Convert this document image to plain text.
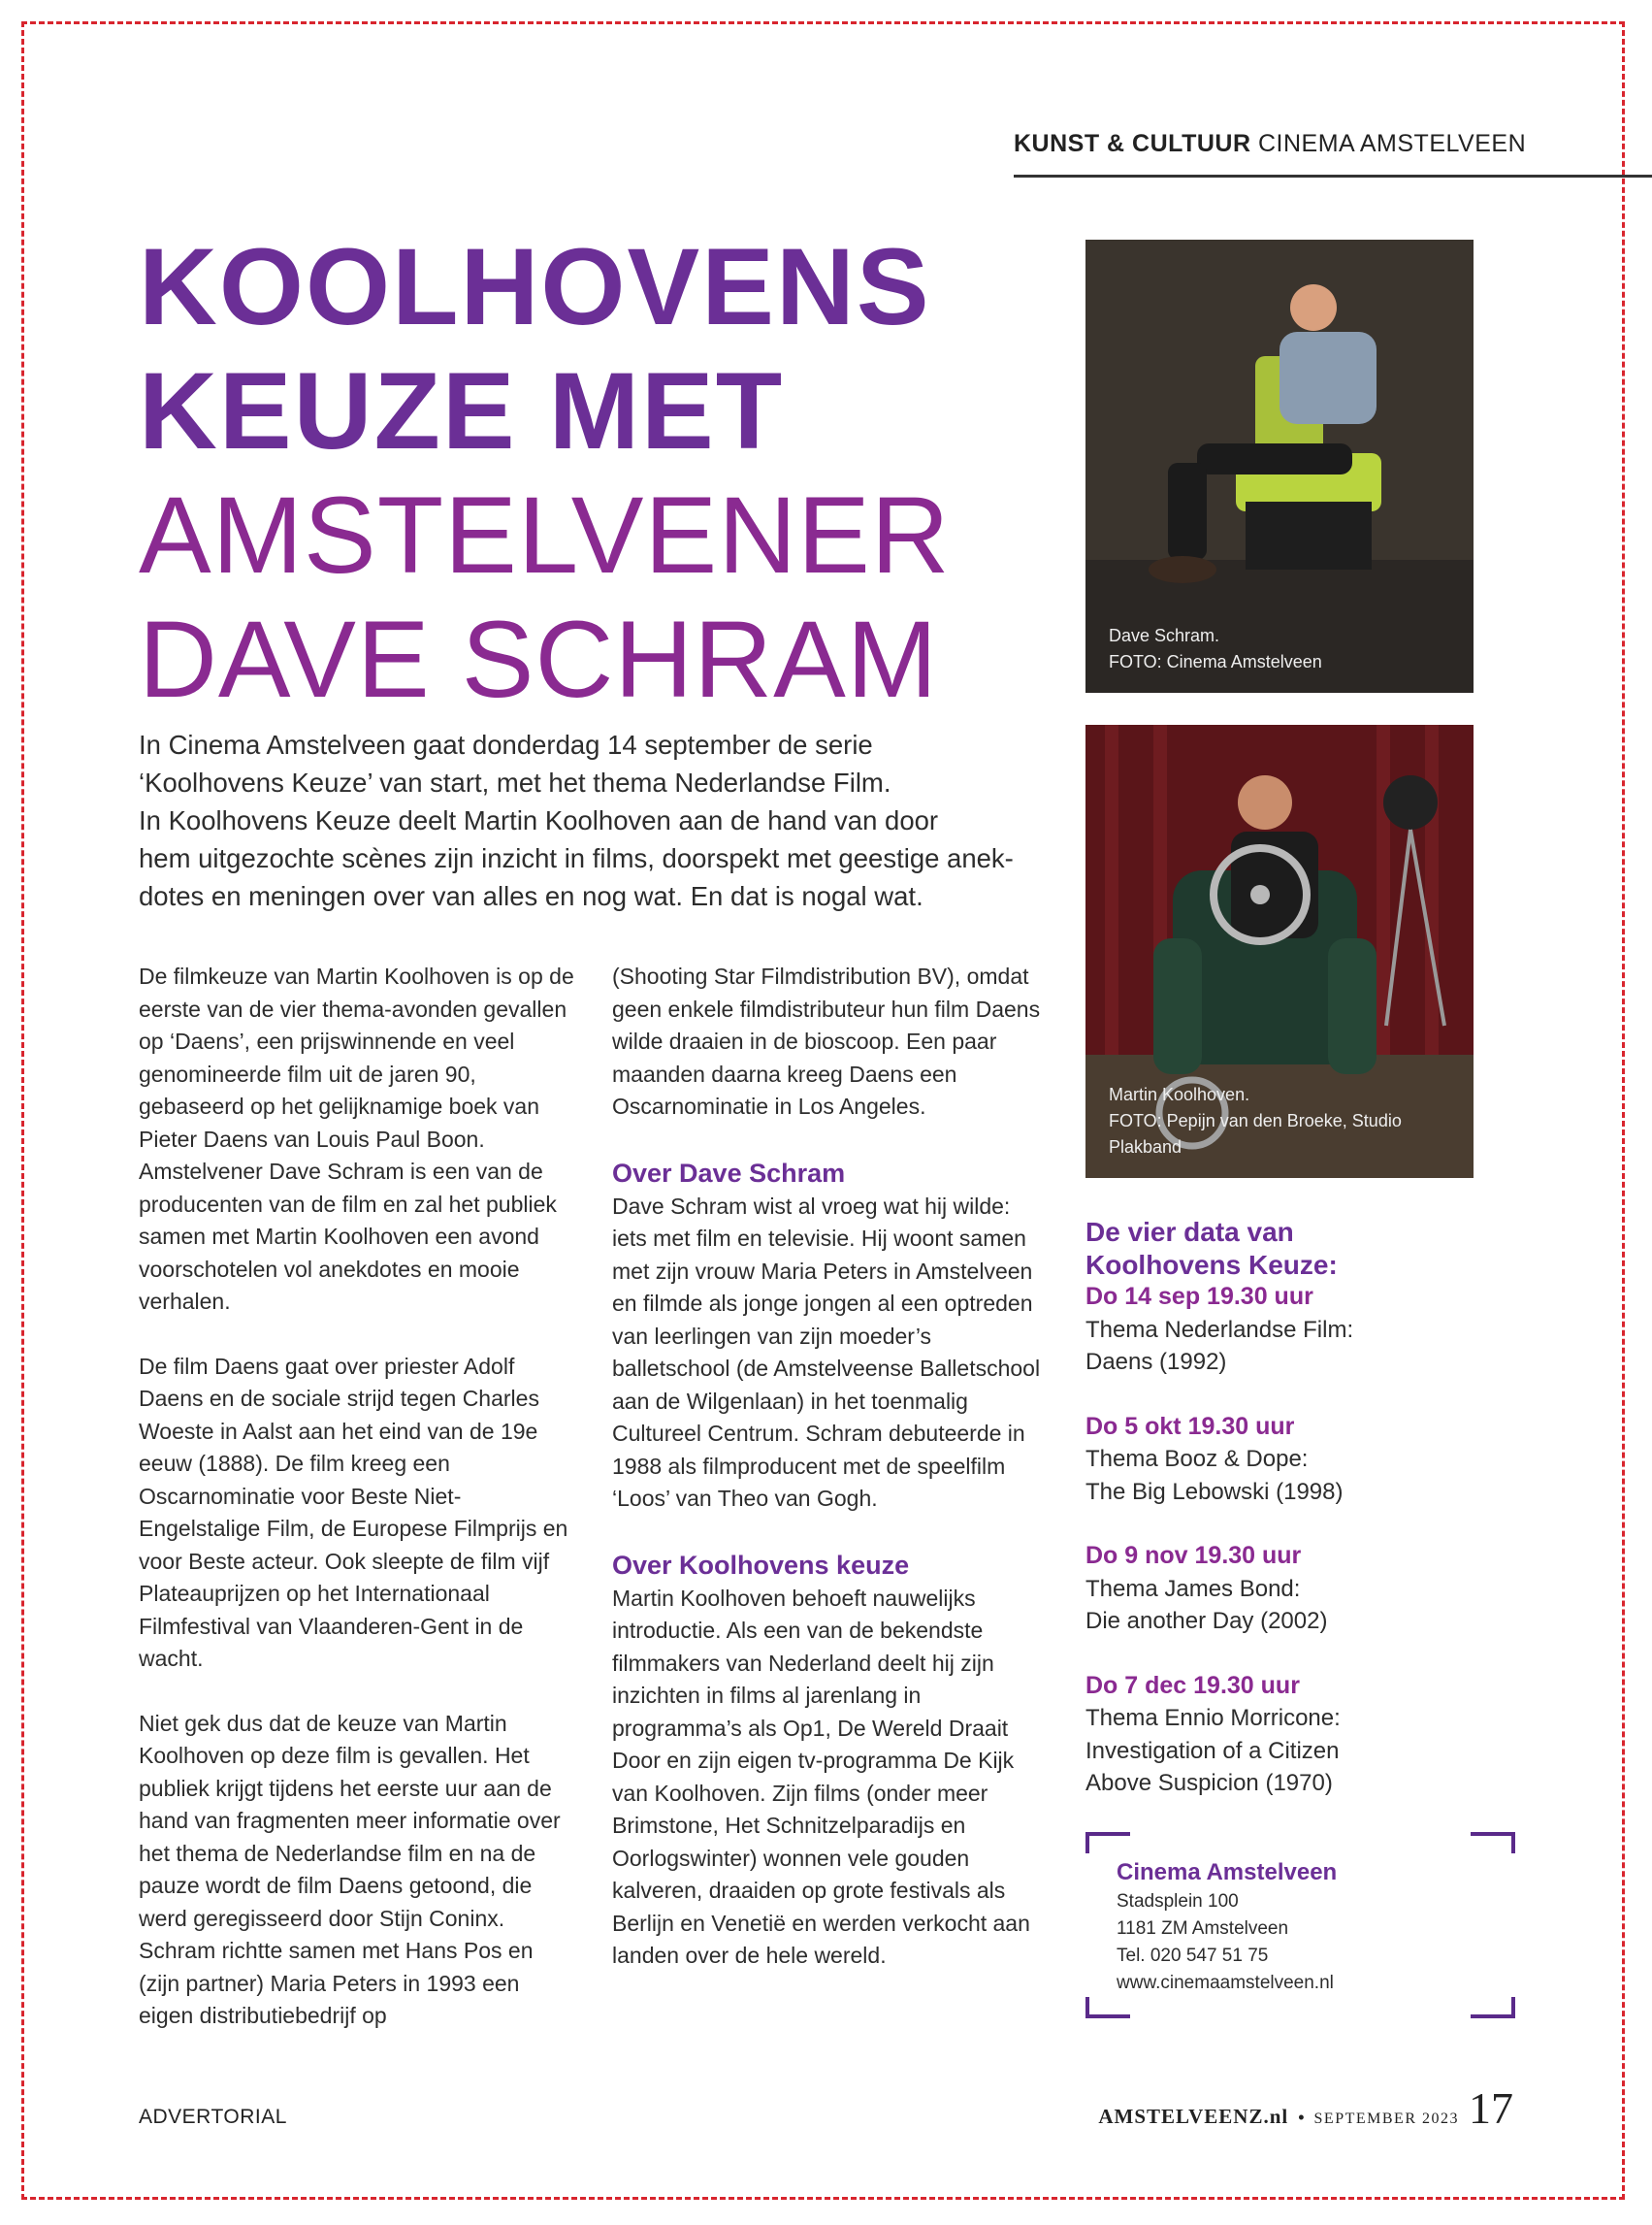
KUNST & CULTUUR CINEMA AMSTELVEEN
KOOLHOVENS
KEUZE MET
AMSTELVENER
DAVE SCHRAM

In Cinema Amstelveen gaat donderdag 14 september de serie

‘Koolhovens Keuze’ van start, met het thema Nederlandse Film.

In Koolhovens Keuze deelt Martin Koolhoven aan de hand van door

hem uitgezochte scènes zijn inzicht in films, doorspekt met geestige anek-

dotes en meningen over van alles en nog wat. En dat is nogal wat.

De filmkeuze van Martin Koolhoven is op de eerste van de vier thema-avonden gevallen op ‘Daens’, een prijswinnende en veel genomineerde film uit de jaren 90, gebaseerd op het gelijknamige boek van Pieter Daens van Louis Paul Boon. Amstelvener Dave Schram is een van de producenten van de film en zal het publiek samen met Martin Koolhoven een avond voorschotelen vol anekdotes en mooie verhalen.

De film Daens gaat over priester Adolf Daens en de sociale strijd tegen Charles Woeste in Aalst aan het eind van de 19e eeuw (1888). De film kreeg een Oscarnominatie voor Beste Niet-Engelstalige Film, de Europese Filmprijs en voor Beste acteur. Ook sleepte de film vijf Plateauprijzen op het Internationaal Filmfestival van Vlaanderen-Gent in de wacht.

Niet gek dus dat de keuze van Martin Koolhoven op deze film is gevallen. Het publiek krijgt tijdens het eerste uur aan de hand van fragmenten meer informatie over het thema de Nederlandse film en na de pauze wordt de film Daens getoond, die werd geregisseerd door Stijn Coninx. Schram richtte samen met Hans Pos en (zijn partner) Maria Peters in 1993 een eigen distributiebedrijf op

(Shooting Star Filmdistribution BV), omdat geen enkele filmdistributeur hun film Daens wilde draaien in de bioscoop. Een paar maanden daarna kreeg Daens een Oscarnominatie in Los Angeles.

Over Dave Schram

Dave Schram wist al vroeg wat hij wilde: iets met film en televisie. Hij woont samen met zijn vrouw Maria Peters in Amstelveen en filmde als jonge jongen al een optreden van leerlingen van zijn moeder’s balletschool (de Amstelveense Balletschool aan de Wilgenlaan) in het toenmalig Cultureel Centrum. Schram debuteerde in 1988 als filmproducent met de speelfilm ‘Loos’ van Theo van Gogh.

Over Koolhovens keuze

Martin Koolhoven behoeft nauwelijks introductie. Als een van de bekendste filmmakers van Nederland deelt hij zijn inzichten in films al jarenlang in programma’s als Op1, De Wereld Draait Door en zijn eigen tv-programma De Kijk van Koolhoven. Zijn films (onder meer Brimstone, Het Schnitzelparadijs en Oorlogswinter) wonnen vele gouden kalveren, draaiden op grote festivals als Berlijn en Venetië en werden verkocht aan landen over de hele wereld.

Dave Schram.
FOTO: Cinema Amstelveen
Martin Koolhoven.
FOTO: Pepijn van den Broeke, Studio Plakband
De vier data van
Koolhovens Keuze:
Do 14 sep 19.30 uur
Thema Nederlandse Film:
Daens (1992)
Do 5 okt 19.30 uur
Thema Booz & Dope:
The Big Lebowski (1998)
Do 9 nov 19.30 uur
Thema James Bond:
Die another Day (2002)
Do 7 dec 19.30 uur
Thema Ennio Morricone:
Investigation of a Citizen
Above Suspicion (1970)
Cinema Amstelveen
Stadsplein 100
1181 ZM Amstelveen
Tel. 020 547 51 75
www.cinemaamstelveen.nl
ADVERTORIAL	AMSTELVEENZ.nl • SEPTEMBER 2023 17
